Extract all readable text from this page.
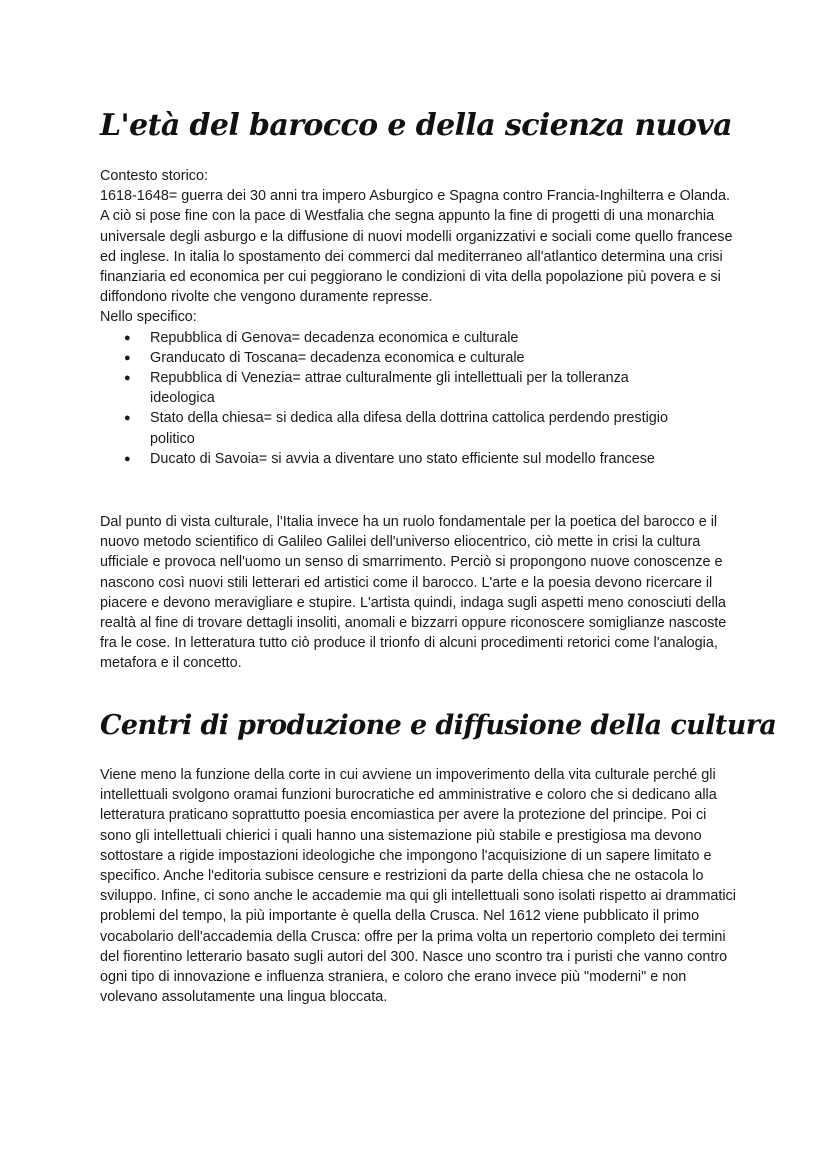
L'età del barocco e della scienza nuova

Contesto storico:

1618-1648= guerra dei 30 anni tra impero Asburgico e Spagna contro Francia-Inghilterra e Olanda. A ciò si pose fine con la pace di Westfalia che segna appunto la fine di progetti di una monarchia universale degli asburgo e la diffusione di nuovi modelli organizzativi e sociali come quello francese ed inglese. In italia lo spostamento dei commerci dal mediterraneo all'atlantico determina una crisi finanziaria ed economica per cui peggiorano le condizioni di vita della popolazione più povera e si diffondono rivolte che vengono duramente represse.

Nello specifico:

● Repubblica di Genova= decadenza economica e culturale
● Granducato di Toscana= decadenza economica e culturale
● Repubblica di Venezia= attrae culturalmente gli intellettuali per la tolleranza ideologica
● Stato della chiesa= si dedica alla difesa della dottrina cattolica perdendo prestigio politico
● Ducato di Savoia= si avvia a diventare uno stato efficiente sul modello francese

Dal punto di vista culturale, l'Italia invece ha un ruolo fondamentale per la poetica del barocco e il nuovo metodo scientifico di Galileo Galilei dell'universo eliocentrico, ciò mette in crisi la cultura ufficiale e provoca nell'uomo un senso di smarrimento. Perciò si propongono nuove conoscenze e nascono così nuovi stili letterari ed artistici come il barocco. L'arte e la poesia devono ricercare il piacere e devono meravigliare e stupire. L'artista quindi, indaga sugli aspetti meno conosciuti della realtà al fine di trovare dettagli insoliti, anomali e bizzarri oppure riconoscere somiglianze nascoste fra le cose. In letteratura tutto ciò produce il trionfo di alcuni procedimenti retorici come l'analogia, metafora e il concetto.

Centri di produzione e diffusione della cultura

Viene meno la funzione della corte in cui avviene un impoverimento della vita culturale perché gli intellettuali svolgono oramai funzioni burocratiche ed amministrative e coloro che si dedicano alla letteratura praticano soprattutto poesia encomiastica per avere la protezione del principe. Poi ci sono gli intellettuali chierici i quali hanno una sistemazione più stabile e prestigiosa ma devono sottostare a rigide impostazioni ideologiche che impongono l'acquisizione di un sapere limitato e specifico. Anche l'editoria subisce censure e restrizioni da parte della chiesa che ne ostacola lo sviluppo. Infine, ci sono anche le accademie ma qui gli intellettuali sono isolati rispetto ai drammatici problemi del tempo, la più importante è quella della Crusca. Nel 1612 viene pubblicato il primo vocabolario dell'accademia della Crusca: offre per la prima volta un repertorio completo dei termini del fiorentino letterario basato sugli autori del 300. Nasce uno scontro tra i puristi che vanno contro ogni tipo di innovazione e influenza straniera, e coloro che erano invece più "moderni" e non volevano assolutamente una lingua bloccata.
